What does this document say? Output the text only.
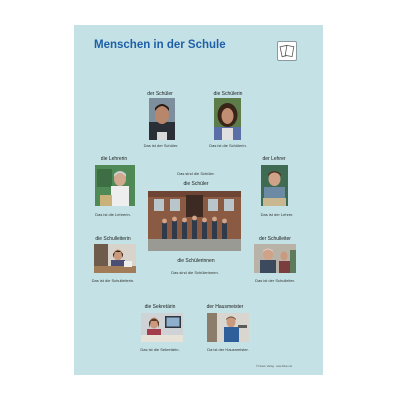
Menschen in der Schule
der Schüler
Das ist der Schüler.
die Schülerin
Das ist die Schülerin.
die Lehrerin
Das ist die Lehrerin.
der Lehrer
Das ist der Lehrer.
Das sind die Schüler.
die Schüler
die Schulleiterin
Das ist die Schulleiterin.
die Schülerinnen
Das sind die Schülerinnen.
der Schulleiter
Das ist der Schulleiter.
die Sekretärin
Das ist die Sekretärin.
der Hausmeister
Da ist der Hausmeister.
© Finken Verlag · www.finken.de
